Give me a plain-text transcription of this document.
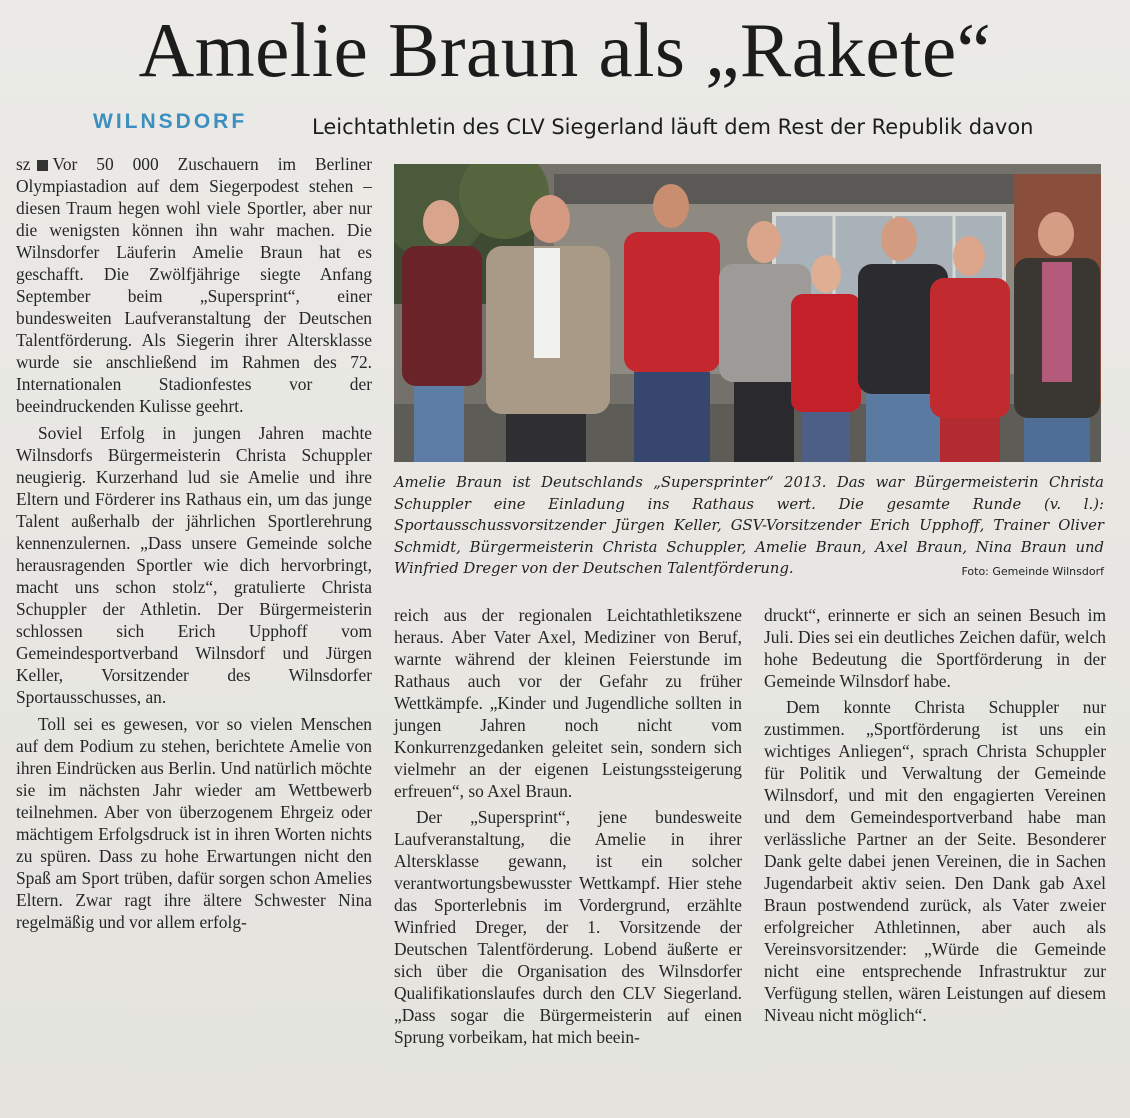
Amelie Braun als „Rakete“
WILNSDORF	Leichtathletin des CLV Siegerland läuft dem Rest der Republik davon

sz Vor 50 000 Zuschauern im Berliner Olympiastadion auf dem Siegerpodest stehen – diesen Traum hegen wohl viele Sportler, aber nur die wenigsten können ihn wahr machen. Die Wilnsdorfer Läuferin Amelie Braun hat es geschafft. Die Zwölfjährige siegte Anfang September beim „Supersprint“, einer bundesweiten Laufveranstaltung der Deutschen Talentförderung. Als Siegerin ihrer Altersklasse wurde sie anschließend im Rahmen des 72. Internationalen Stadionfestes vor der beeindruckenden Kulisse geehrt.

Soviel Erfolg in jungen Jahren machte Wilnsdorfs Bürgermeisterin Christa Schuppler neugierig. Kurzerhand lud sie Amelie und ihre Eltern und Förderer ins Rathaus ein, um das junge Talent außerhalb der jährlichen Sportlerehrung kennenzulernen. „Dass unsere Gemeinde solche herausragenden Sportler wie dich hervorbringt, macht uns schon stolz“, gratulierte Christa Schuppler der Athletin. Der Bürgermeisterin schlossen sich Erich Upphoff vom Gemeindesportverband Wilnsdorf und Jürgen Keller, Vorsitzender des Wilnsdorfer Sportausschusses, an.

Toll sei es gewesen, vor so vielen Menschen auf dem Podium zu stehen, berichtete Amelie von ihren Eindrücken aus Berlin. Und natürlich möchte sie im nächsten Jahr wieder am Wettbewerb teilnehmen. Aber von überzogenem Ehrgeiz oder mächtigem Erfolgsdruck ist in ihren Worten nichts zu spüren. Dass zu hohe Erwartungen nicht den Spaß am Sport trüben, dafür sorgen schon Amelies Eltern. Zwar ragt ihre ältere Schwester Nina regelmäßig und vor allem erfolg-

Amelie Braun ist Deutschlands „Supersprinter“ 2013. Das war Bürgermeisterin Christa Schuppler eine Einladung ins Rathaus wert. Die gesamte Runde (v. l.): Sportausschussvorsitzender Jürgen Keller, GSV-Vorsitzender Erich Upphoff, Trainer Oliver Schmidt, Bürgermeisterin Christa Schuppler, Amelie Braun, Axel Braun, Nina Braun und Winfried Dreger von der Deutschen Talentförderung.	Foto: Gemeinde Wilnsdorf

reich aus der regionalen Leichtathletikszene heraus. Aber Vater Axel, Mediziner von Beruf, warnte während der kleinen Feierstunde im Rathaus auch vor der Gefahr zu früher Wettkämpfe. „Kinder und Jugendliche sollten in jungen Jahren noch nicht vom Konkurrenzgedanken geleitet sein, sondern sich vielmehr an der eigenen Leistungssteigerung erfreuen“, so Axel Braun.

Der „Supersprint“, jene bundesweite Laufveranstaltung, die Amelie in ihrer Altersklasse gewann, ist ein solcher verantwortungsbewusster Wettkampf. Hier stehe das Sporterlebnis im Vordergrund, erzählte Winfried Dreger, der 1. Vorsitzende der Deutschen Talentförderung. Lobend äußerte er sich über die Organisation des Wilnsdorfer Qualifikationslaufes durch den CLV Siegerland. „Dass sogar die Bürgermeisterin auf einen Sprung vorbeikam, hat mich beein-

druckt“, erinnerte er sich an seinen Besuch im Juli. Dies sei ein deutliches Zeichen dafür, welch hohe Bedeutung die Sportförderung in der Gemeinde Wilnsdorf habe.

Dem konnte Christa Schuppler nur zustimmen. „Sportförderung ist uns ein wichtiges Anliegen“, sprach Christa Schuppler für Politik und Verwaltung der Gemeinde Wilnsdorf, und mit den engagierten Vereinen und dem Gemeindesportverband habe man verlässliche Partner an der Seite. Besonderer Dank gelte dabei jenen Vereinen, die in Sachen Jugendarbeit aktiv seien. Den Dank gab Axel Braun postwendend zurück, als Vater zweier erfolgreicher Athletinnen, aber auch als Vereinsvorsitzender: „Würde die Gemeinde nicht eine entsprechende Infrastruktur zur Verfügung stellen, wären Leistungen auf diesem Niveau nicht möglich“.
